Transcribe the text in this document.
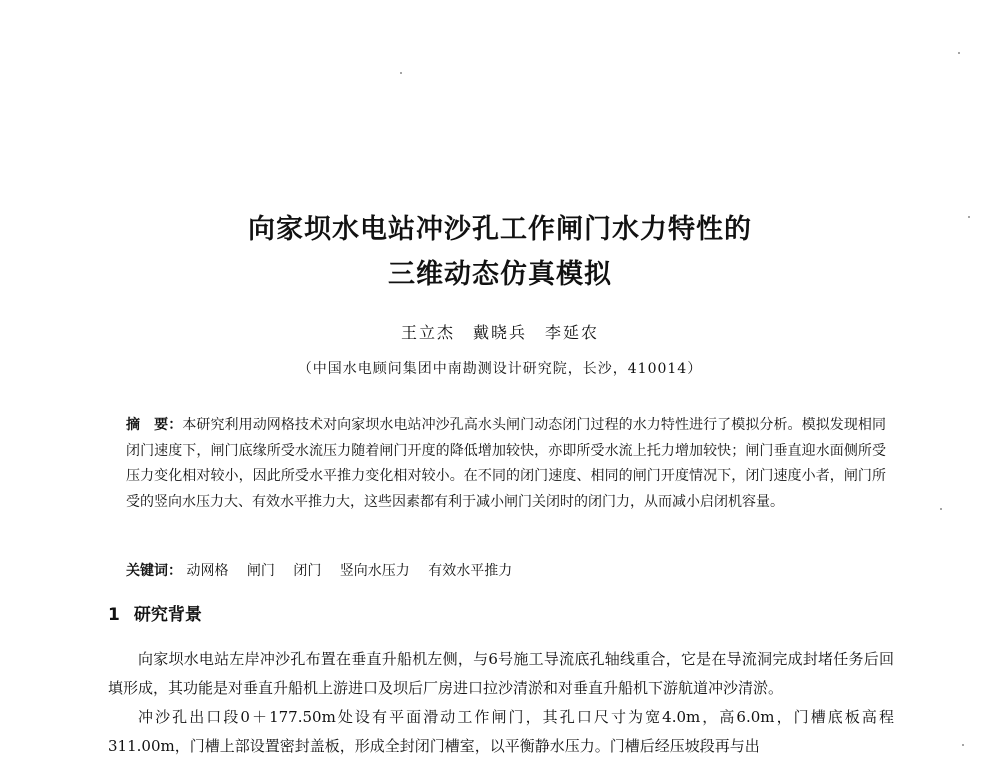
向家坝水电站冲沙孔工作闸门水力特性的
三维动态仿真模拟
王立杰　戴晓兵　李延农
（中国水电顾问集团中南勘测设计研究院，长沙，410014）
摘　要：本研究利用动网格技术对向家坝水电站冲沙孔高水头闸门动态闭门过程的水力特性进行了模拟分析。模拟发现相同闭门速度下，闸门底缘所受水流压力随着闸门开度的降低增加较快，亦即所受水流上托力增加较快；闸门垂直迎水面侧所受压力变化相对较小，因此所受水平推力变化相对较小。在不同的闭门速度、相同的闸门开度情况下，闭门速度小者，闸门所受的竖向水压力大、有效水平推力大，这些因素都有利于减小闸门关闭时的闭门力，从而减小启闭机容量。
关键词： 动网格 闸门 闭门 竖向水压力 有效水平推力
1 研究背景

向家坝水电站左岸冲沙孔布置在垂直升船机左侧，与6号施工导流底孔轴线重合，它是在导流洞完成封堵任务后回填形成，其功能是对垂直升船机上游进口及坝后厂房进口拉沙清淤和对垂直升船机下游航道冲沙清淤。

冲沙孔出口段0＋177.50m处设有平面滑动工作闸门，其孔口尺寸为宽4.0m，高6.0m，门槽底板高程311.00m，门槽上部设置密封盖板，形成全封闭门槽室，以平衡静水压力。门槽后经压坡段再与出
